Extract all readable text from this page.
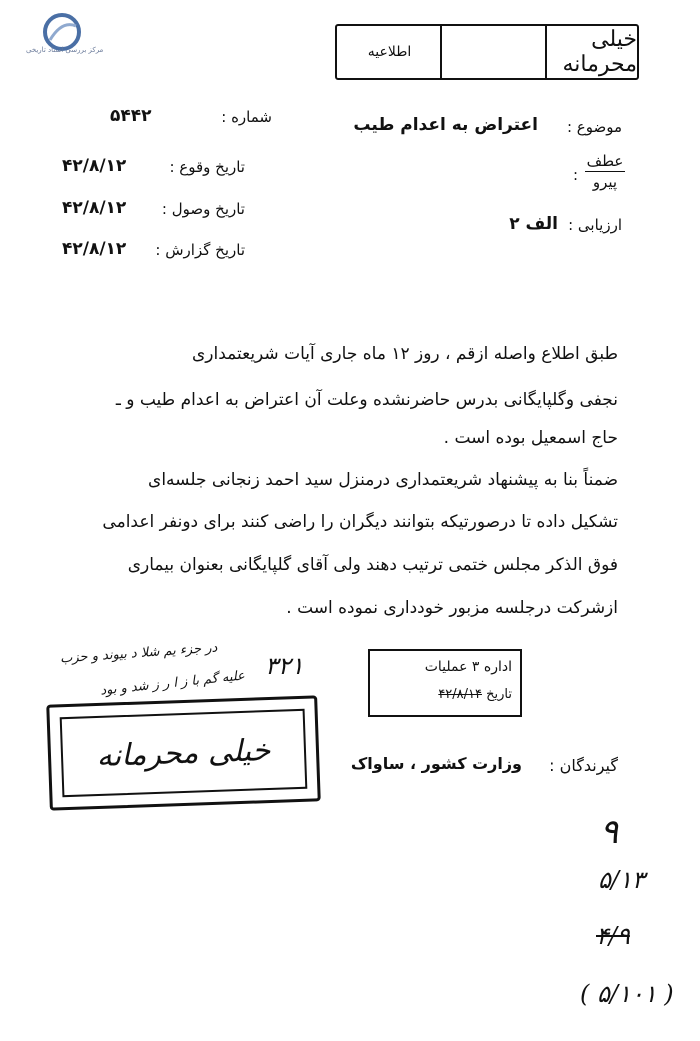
مرکز بررسی اسناد تاریخی	خیلی محرمانه
اطلاعیه
شماره :
۵۴۴۲
موضوع :
اعتراض به اعدام طیب
تاریخ وقوع :
۴۲/۸/۱۲
تاریخ وصول :
۴۲/۸/۱۲
تاریخ گزارش :
۴۲/۸/۱۲
عطف
پیرو
:
ارزیابی :
الف ۲
طبق اطلاع واصله ازقم ، روز ۱۲ ماه جاری آیات شریعتمداری
نجفی وگلپایگانی بدرس حاضرنشده وعلت آن اعتراض به اعدام طیب و ـ
حاج اسمعیل بوده است .
ضمناً بنا به پیشنهاد شریعتمداری درمنزل سید احمد زنجانی جلسه‌ای
تشکیل داده تا درصورتیکه بتوانند دیگران را راضی کنند برای دونفر اعدامی
فوق الذکر مجلس ختمی ترتیب دهند ولی آقای گلپایگانی بعنوان بیماری
ازشرکت درجلسه مزبور خودداری نموده است .
در جزء یم شلا د بیوند و حزب
علیه گم با ز ا ر ز شد و بود
۳۲۱	اداره ۳ عملیات
تاریخ ۴۲/۸/۱۴
خیلی محرمانه	گیرندگان :
وزارت کشور ، ساواک
۹
۵/۱۳
۴/۹
( ۵/۱۰۱ )
